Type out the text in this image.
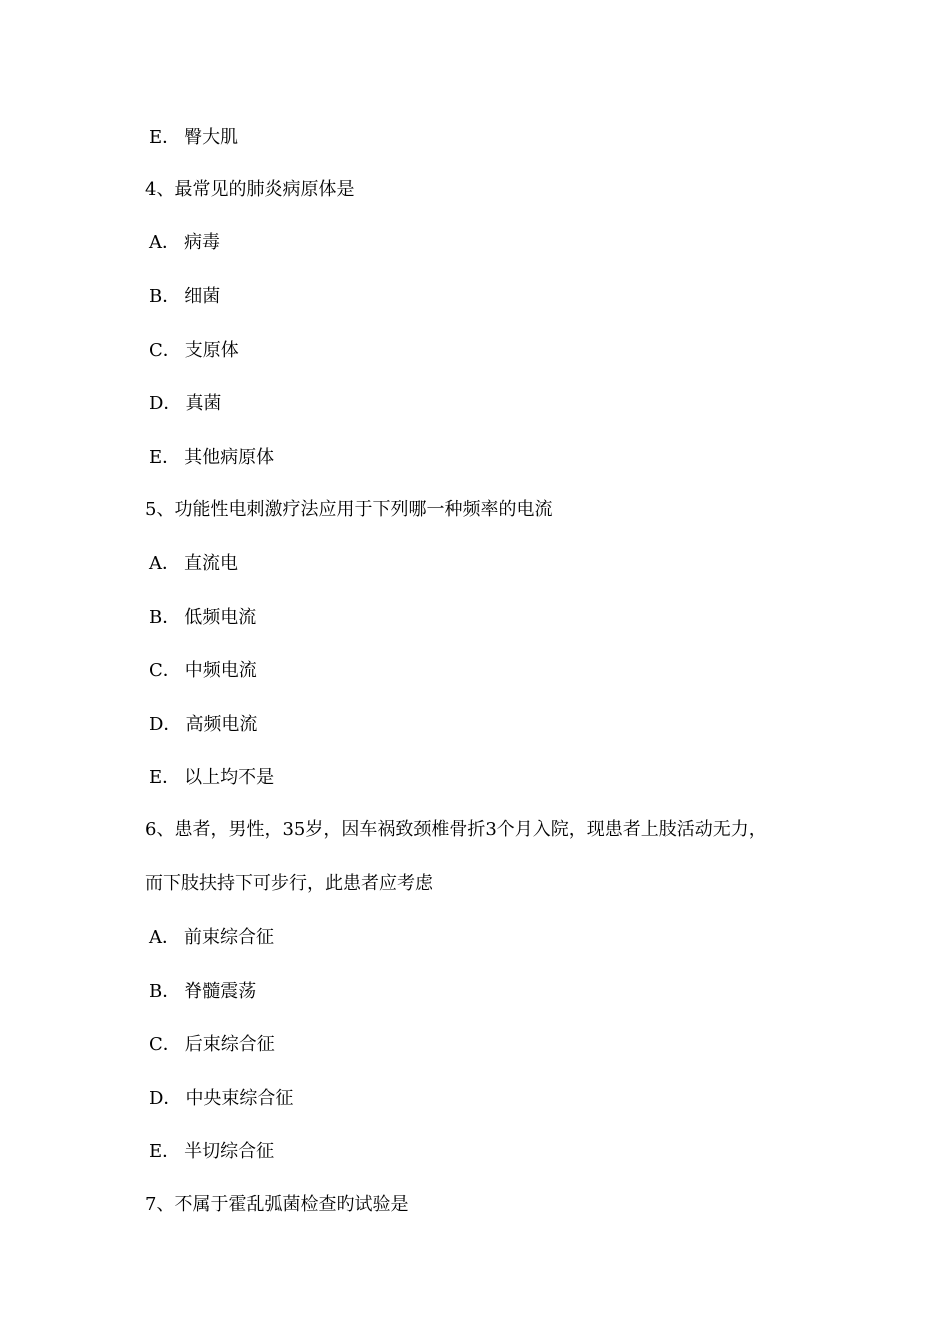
E． 臀大肌
4、最常见的肺炎病原体是
A． 病毒
B． 细菌
C． 支原体
D． 真菌
E． 其他病原体
5、功能性电刺激疗法应用于下列哪一种频率的电流
A． 直流电
B． 低频电流
C． 中频电流
D． 高频电流
E． 以上均不是
6、患者，男性，35岁，因车祸致颈椎骨折3个月入院，现患者上肢活动无力，
而下肢扶持下可步行，此患者应考虑
A． 前束综合征
B． 脊髓震荡
C． 后束综合征
D． 中央束综合征
E． 半切综合征
7、不属于霍乱弧菌检查旳试验是
